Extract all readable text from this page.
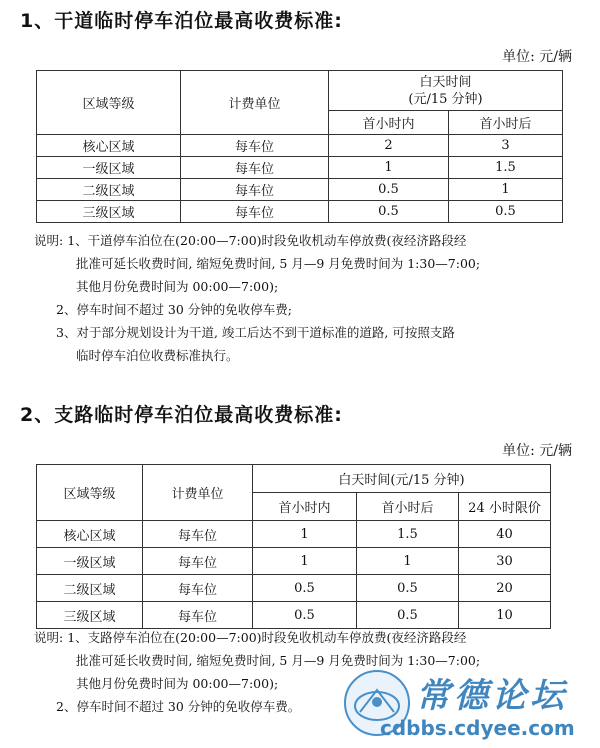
1、干道临时停车泊位最高收费标准:
单位: 元/辆
区域等级	计费单位	白天时间
(元/15 分钟)	

		首小时内	首小时后
核心区域	每车位	2	3
一级区域	每车位	1	1.5
二级区域	每车位	0.5	1
三级区域	每车位	0.5	0.5
说明: 1、干道停车泊位在(20:00—7:00)时段免收机动车停放费(夜经济路段经
批准可延长收费时间, 缩短免费时间, 5 月—9 月免费时间为 1:30—7:00;
其他月份免费时间为 00:00—7:00);
2、停车时间不超过 30 分钟的免收停车费;
3、对于部分规划设计为干道, 竣工后达不到干道标准的道路, 可按照支路
临时停车泊位收费标准执行。
2、支路临时停车泊位最高收费标准:
单位: 元/辆
区域等级	计费单位	白天时间(元/15 分钟)		
		首小时内	首小时后	24 小时限价
核心区域	每车位	1	1.5	40
一级区域	每车位	1	1	30
二级区域	每车位	0.5	0.5	20
三级区域	每车位	0.5	0.5	10
说明: 1、支路停车泊位在(20:00—7:00)时段免收机动车停放费(夜经济路段经
批准可延长收费时间, 缩短免费时间, 5 月—9 月免费时间为 1:30—7:00;
其他月份免费时间为 00:00—7:00);
2、停车时间不超过 30 分钟的免收停车费。	常德论坛
cdbbs.cdyee.com
